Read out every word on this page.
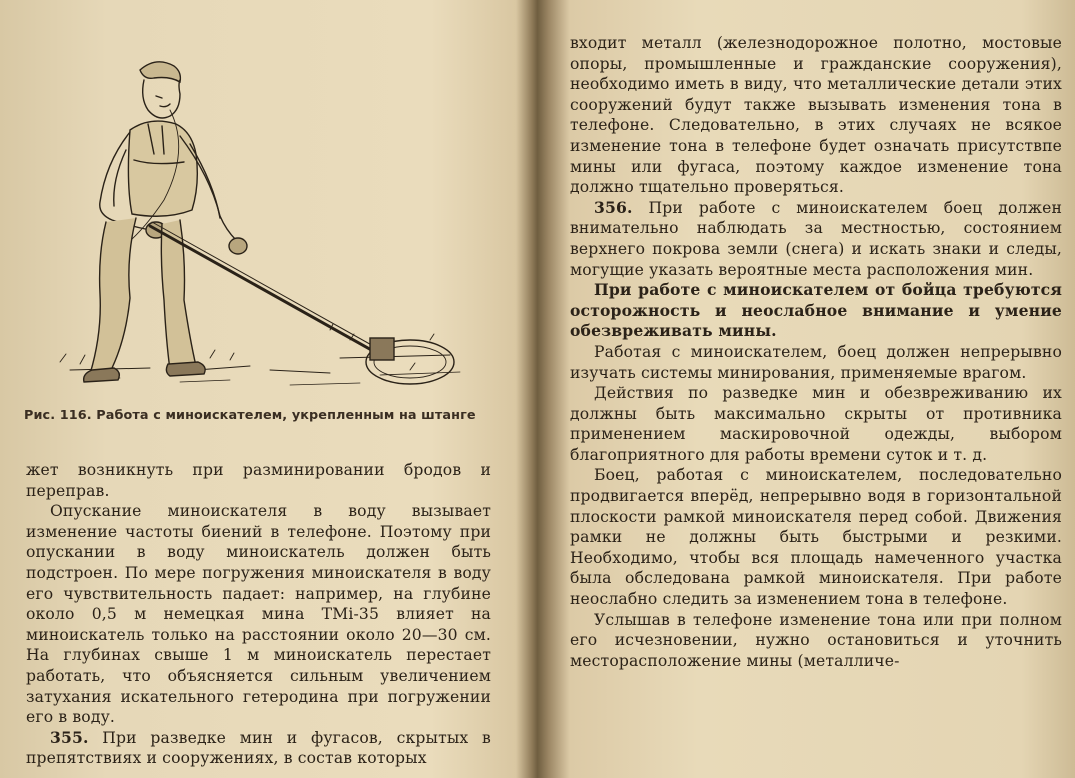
Рис. 116. Работа с миноискателем, укрепленным на штанге

жет возникнуть при разминировании бродов и переправ.

Опускание миноискателя в воду вызывает изменение частоты биений в телефоне. Поэтому при опускании в воду миноискатель должен быть подстроен. По мере погружения миноискателя в воду его чувствительность падает: например, на глубине около 0,5 м немецкая мина TMi-35 влияет на миноискатель только на расстоянии около 20—30 см. На глубинах свыше 1 м миноискатель перестает работать, что объясняется сильным увеличением затухания искательного гетеродина при погружении его в воду.

355. При разведке мин и фугасов, скрытых в препятствиях и сооружениях, в состав которых

входит металл (железнодорожное полотно, мостовые опоры, промышленные и гражданские сооружения), необходимо иметь в виду, что металлические детали этих сооружений будут также вызывать изменения тона в телефоне. Следовательно, в этих случаях не всякое изменение тона в телефоне будет означать присутствпе мины или фугаса, поэтому каждое изменение тона должно тщательно проверяться.

356. При работе с миноискателем боец должен внимательно наблюдать за местностью, состоянием верхнего покрова земли (снега) и искать знаки и следы, могущие указать вероятные места расположения мин.

При работе с миноискателем от бойца требуются осторожность и неослабное внимание и умение обезвреживать мины.

Работая с миноискателем, боец должен непрерывно изучать системы минирования, применяемые врагом.

Действия по разведке мин и обезвреживанию их должны быть максимально скрыты от противника применением маскировочной одежды, выбором благоприятного для работы времени суток и т. д.

Боец, работая с миноискателем, последовательно продвигается вперёд, непрерывно водя в горизонтальной плоскости рамкой миноискателя перед собой. Движения рамки не должны быть быстрыми и резкими. Необходимо, чтобы вся площадь намеченного участка была обследована рамкой миноискателя. При работе неослабно следить за изменением тона в телефоне.

Услышав в телефоне изменение тона или при полном его исчезновении, нужно остановиться и уточнить месторасположение мины (металличе-
